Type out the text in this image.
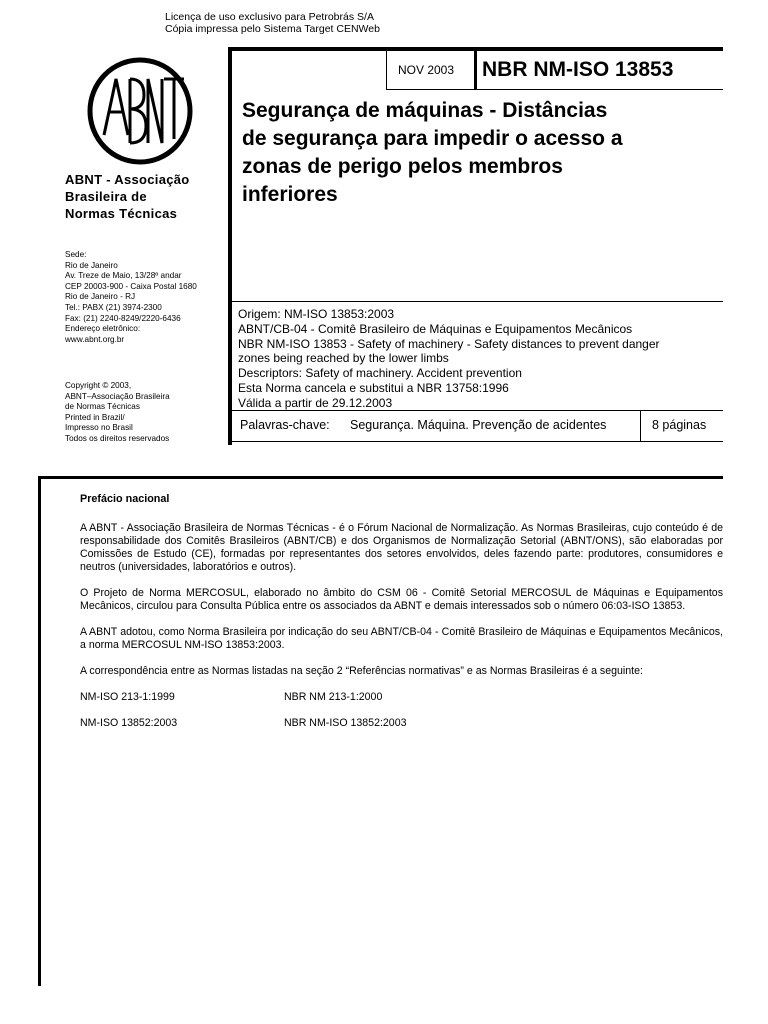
Licença de uso exclusivo para Petrobrás S/A
Cópia impressa pelo Sistema Target CENWeb
ABNT - Associação
Brasileira de
Normas Técnicas
Sede:
Rio de Janeiro
Av. Treze de Maio, 13/28º andar
CEP 20003-900 - Caixa Postal 1680
Rio de Janeiro - RJ
Tel.: PABX (21) 3974-2300
Fax: (21) 2240-8249/2220-6436
Endereço eletrônico:
www.abnt.org.br
Copyright © 2003,
ABNT–Associação Brasileira
de Normas Técnicas
Printed in Brazil/
Impresso no Brasil
Todos os direitos reservados
NOV 2003 NBR NM-ISO 13853
Segurança de máquinas - Distâncias
de segurança para impedir o acesso a
zonas de perigo pelos membros
inferiores
Origem: NM-ISO 13853:2003
ABNT/CB-04 - Comitê Brasileiro de Máquinas e Equipamentos Mecânicos
NBR NM-ISO 13853 - Safety of machinery - Safety distances to prevent danger
zones being reached by the lower limbs
Descriptors: Safety of machinery. Accident prevention
Esta Norma cancela e substitui a NBR 13758:1996
Válida a partir de 29.12.2003
Palavras-chave: Segurança. Máquina. Prevenção de acidentes	8 páginas
Prefácio nacional

A ABNT - Associação Brasileira de Normas Técnicas - é o Fórum Nacional de Normalização. As Normas Brasileiras, cujo conteúdo é de responsabilidade dos Comitês Brasileiros (ABNT/CB) e dos Organismos de Normalização Setorial (ABNT/ONS), são elaboradas por Comissões de Estudo (CE), formadas por representantes dos setores envolvidos, deles fazendo parte: produtores, consumidores e neutros (universidades, laboratórios e outros).

O Projeto de Norma MERCOSUL, elaborado no âmbito do CSM 06 - Comitê Setorial MERCOSUL de Máquinas e Equipamentos Mecânicos, circulou para Consulta Pública entre os associados da ABNT e demais interessados sob o número 06:03-ISO 13853.

A ABNT adotou, como Norma Brasileira por indicação do seu ABNT/CB-04 - Comitê Brasileiro de Máquinas e Equipamentos Mecânicos, a norma MERCOSUL NM-ISO 13853:2003.

A correspondência entre as Normas listadas na seção 2 “Referências normativas” e as Normas Brasileiras é a seguinte:

NM-ISO 213-1:1999	NBR NM 213-1:2000
NM-ISO 13852:2003	NBR NM-ISO 13852:2003
